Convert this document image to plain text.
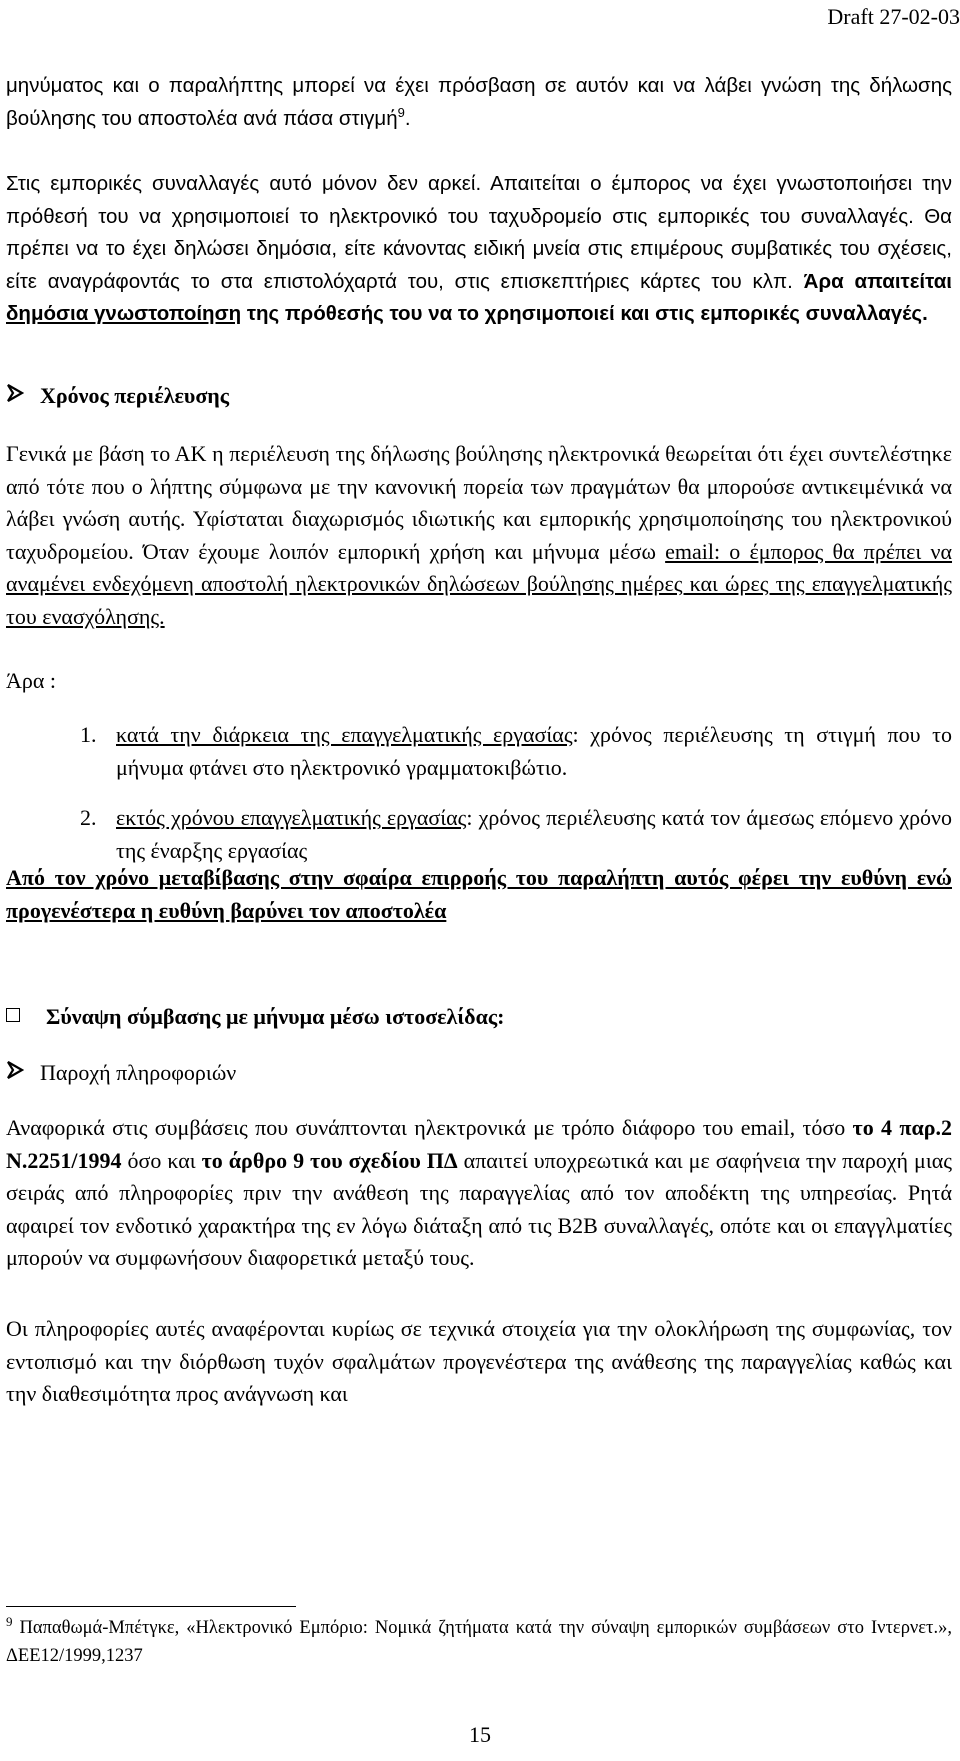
Draft 27-02-03

μηνύματος και ο παραλήπτης μπορεί να έχει πρόσβαση σε αυτόν και να λάβει γνώση της δήλωσης βούλησης του αποστολέα ανά πάσα στιγμή$^9$.

Στις εμπορικές συναλλαγές αυτό μόνον δεν αρκεί. Απαιτείται ο έμπορος να έχει γνωστοποιήσει την πρόθεσή του να χρησιμοποιεί το ηλεκτρονικό του ταχυδρομείο στις εμπορικές του συναλλαγές. Θα πρέπει να το έχει δηλώσει δημόσια, είτε κάνοντας ειδική μνεία στις επιμέρους συμβατικές του σχέσεις, είτε αναγράφοντάς το στα επιστολόχαρτά του, στις επισκεπτήριες κάρτες του κλπ. Άρα απαιτείται δημόσια γνωστοποίηση της πρόθεσής του να το χρησιμοποιεί και στις εμπορικές συναλλαγές.

Χρόνος περιέλευσης

Γενικά με βάση το ΑΚ η περιέλευση της δήλωσης βούλησης ηλεκτρονικά θεωρείται ότι έχει συντελέστηκε από τότε που ο λήπτης σύμφωνα με την κανονική πορεία των πραγμάτων θα μπορούσε αντικειμένικά να λάβει γνώση αυτής. Υφίσταται διαχωρισμός ιδιωτικής και εμπορικής χρησιμοποίησης του ηλεκτρονικού ταχυδρομείου. Όταν έχουμε λοιπόν εμπορική χρήση και μήνυμα μέσω email: ο έμπορος θα πρέπει να αναμένει ενδεχόμενη αποστολή ηλεκτρονικών δηλώσεων βούλησης ημέρες και ώρες της επαγγελματικής του ενασχόλησης.

Άρα :
1. κατά την διάρκεια της επαγγελματικής εργασίας: χρόνος περιέλευσης τη στιγμή που το μήνυμα φτάνει στο ηλεκτρονικό γραμματοκιβώτιο.

2. εκτός χρόνου επαγγελματικής εργασίας: χρόνος περιέλευσης κατά τον άμεσως επόμενο χρόνο της έναρξης εργασίας

Από τον χρόνο μεταβίβασης στην σφαίρα επιρροής του παραλήπτη αυτός φέρει την ευθύνη ενώ προγενέστερα η ευθύνη βαρύνει τον αποστολέα

Σύναψη σύμβασης με μήνυμα μέσω ιστοσελίδας:
Παροχή πληροφοριών

Αναφορικά στις συμβάσεις που συνάπτονται ηλεκτρονικά με τρόπο διάφορο του email, τόσο το 4 παρ.2 Ν.2251/1994 όσο και το άρθρο 9 του σχεδίου ΠΔ απαιτεί υποχρεωτικά και με σαφήνεια την παροχή μιας σειράς από πληροφορίες πριν την ανάθεση της παραγγελίας από τον αποδέκτη της υπηρεσίας. Ρητά αφαιρεί τον ενδοτικό χαρακτήρα της εν λόγω διάταξη από τις B2B συναλλαγές, οπότε και οι επαγγλματίες μπορούν να συμφωνήσουν διαφορετικά μεταξύ τους.

Οι πληροφορίες αυτές αναφέρονται κυρίως σε τεχνικά στοιχεία για την ολοκλήρωση της συμφωνίας, τον εντοπισμό και την διόρθωση τυχόν σφαλμάτων προγενέστερα της ανάθεσης της παραγγελίας καθώς και την διαθεσιμότητα προς ανάγνωση και

$^9$ Παπαθωμά-Μπέτγκε, «Ηλεκτρονικό Εμπόριο: Νομικά ζητήματα κατά την σύναψη εμπορικών συμβάσεων στο Ιντερνετ.», ΔΕΕ12/1999,1237

15
